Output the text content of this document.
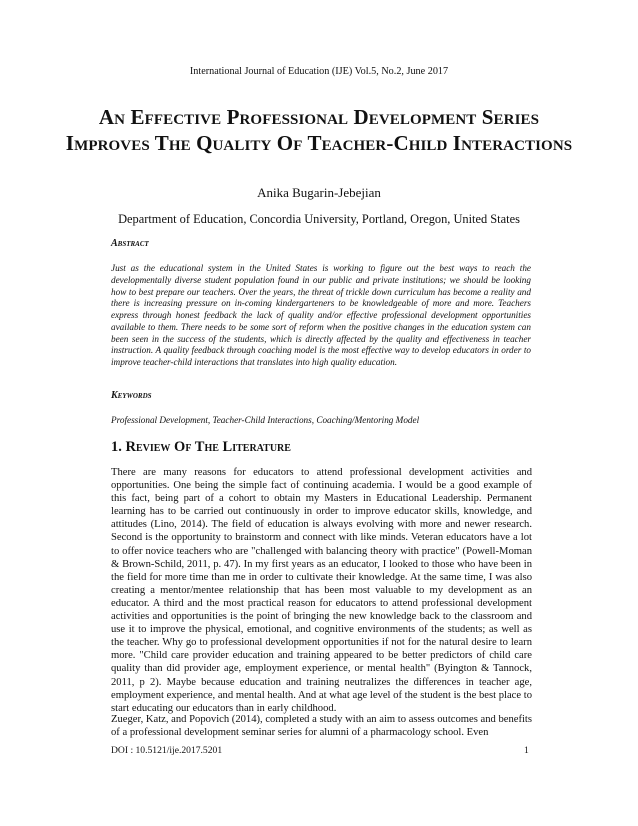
International Journal of Education (IJE) Vol.5, No.2, June 2017
An Effective Professional Development Series Improves The Quality Of Teacher-Child Interactions
Anika Bugarin-Jebejian
Department of Education, Concordia University, Portland, Oregon, United States
Abstract
Just as the educational system in the United States is working to figure out the best ways to reach the developmentally diverse student population found in our public and private institutions; we should be looking how to best prepare our teachers. Over the years, the threat of trickle down curriculum has become a reality and there is increasing pressure on in-coming kindergarteners to be knowledgeable of more and more. Teachers express through honest feedback the lack of quality and/or effective professional development opportunities available to them. There needs to be some sort of reform when the positive changes in the education system can been seen in the success of the students, which is directly affected by the quality and effectiveness in teacher instruction. A quality feedback through coaching model is the most effective way to develop educators in order to improve teacher-child interactions that translates into high quality education.
Keywords
Professional Development, Teacher-Child Interactions, Coaching/Mentoring Model
1. Review Of The Literature
There are many reasons for educators to attend professional development activities and opportunities. One being the simple fact of continuing academia. I would be a good example of this fact, being part of a cohort to obtain my Masters in Educational Leadership. Permanent learning has to be carried out continuously in order to improve educator skills, knowledge, and attitudes (Lino, 2014). The field of education is always evolving with more and newer research. Second is the opportunity to brainstorm and connect with like minds. Veteran educators have a lot to offer novice teachers who are "challenged with balancing theory with practice" (Powell-Moman & Brown-Schild, 2011, p. 47). In my first years as an educator, I looked to those who have been in the field for more time than me in order to cultivate their knowledge. At the same time, I was also creating a mentor/mentee relationship that has been most valuable to my development as an educator. A third and the most practical reason for educators to attend professional development activities and opportunities is the point of bringing the new knowledge back to the classroom and use it to improve the physical, emotional, and cognitive environments of the students; as well as the teacher. Why go to professional development opportunities if not for the natural desire to learn more. "Child care provider education and training appeared to be better predictors of child care quality than did provider age, employment experience, or mental health" (Byington & Tannock, 2011, p 2). Maybe because education and training neutralizes the differences in teacher age, employment experience, and mental health. And at what age level of the student is the best place to start educating our educators than in early childhood.
Zueger, Katz, and Popovich (2014), completed a study with an aim to assess outcomes and benefits of a professional development seminar series for alumni of a pharmacology school. Even
DOI : 10.5121/ije.2017.5201	1
